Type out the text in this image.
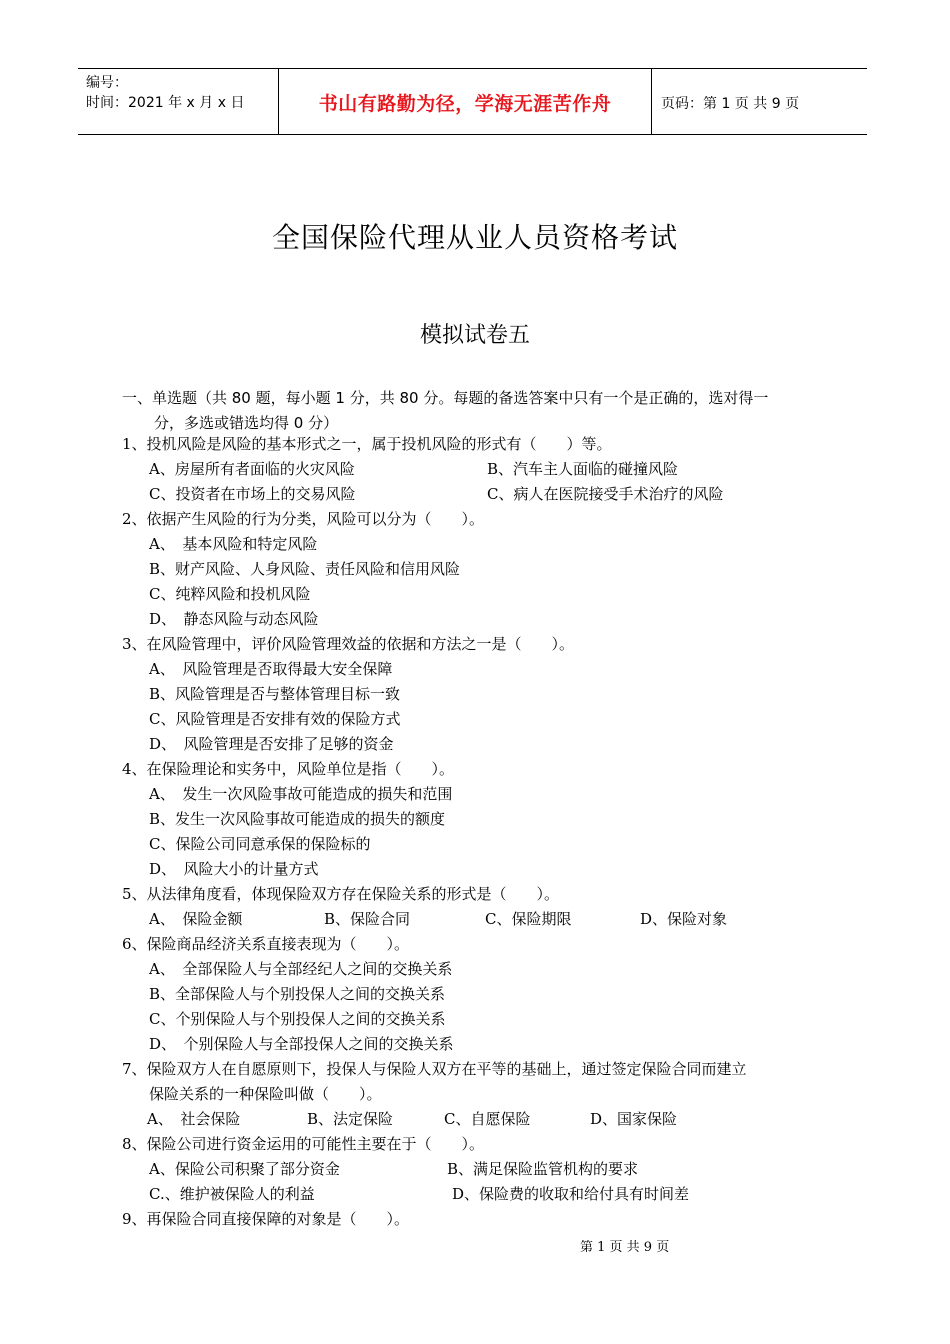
编号：
时间：2021 年 x 月 x 日	书山有路勤为径，学海无涯苦作舟	页码：第 1 页 共 9 页
全国保险代理从业人员资格考试
模拟试卷五
一、单选题（共 80 题，每小题 1 分，共 80 分。每题的备选答案中只有一个是正确的，选对得一
分，多选或错选均得 0 分）
1、投机风险是风险的基本形式之一，属于投机风险的形式有（　　）等。
A、房屋所有者面临的火灾风险	B、汽车主人面临的碰撞风险
C、投资者在市场上的交易风险	C、病人在医院接受手术治疗的风险
2、依据产生风险的行为分类，风险可以分为（　　）。
A、　基本风险和特定风险
B、财产风险、人身风险、责任风险和信用风险
C、纯粹风险和投机风险
D、　静态风险与动态风险
3、在风险管理中，评价风险管理效益的依据和方法之一是（　　）。
A、　风险管理是否取得最大安全保障
B、风险管理是否与整体管理目标一致
C、风险管理是否安排有效的保险方式
D、　风险管理是否安排了足够的资金
4、在保险理论和实务中，风险单位是指（　　）。
A、　发生一次风险事故可能造成的损失和范围
B、发生一次风险事故可能造成的损失的额度
C、保险公司同意承保的保险标的
D、　风险大小的计量方式
5、从法律角度看，体现保险双方存在保险关系的形式是（　　）。
A、　保险金额	B、保险合同	C、保险期限	D、保险对象
6、保险商品经济关系直接表现为（　　）。
A、　全部保险人与全部经纪人之间的交换关系
B、全部保险人与个别投保人之间的交换关系
C、个别保险人与个别投保人之间的交换关系
D、　个别保险人与全部投保人之间的交换关系
7、保险双方人在自愿原则下，投保人与保险人双方在平等的基础上，通过签定保险合同而建立
保险关系的一种保险叫做（　　）。
A、　社会保险	B、法定保险	C、自愿保险	D、国家保险
8、保险公司进行资金运用的可能性主要在于（　　）。
A、保险公司积聚了部分资金	B、满足保险监管机构的要求
C.、维护被保险人的利益	D、保险费的收取和给付具有时间差
9、再保险合同直接保障的对象是（　　）。
第 1 页 共 9 页
